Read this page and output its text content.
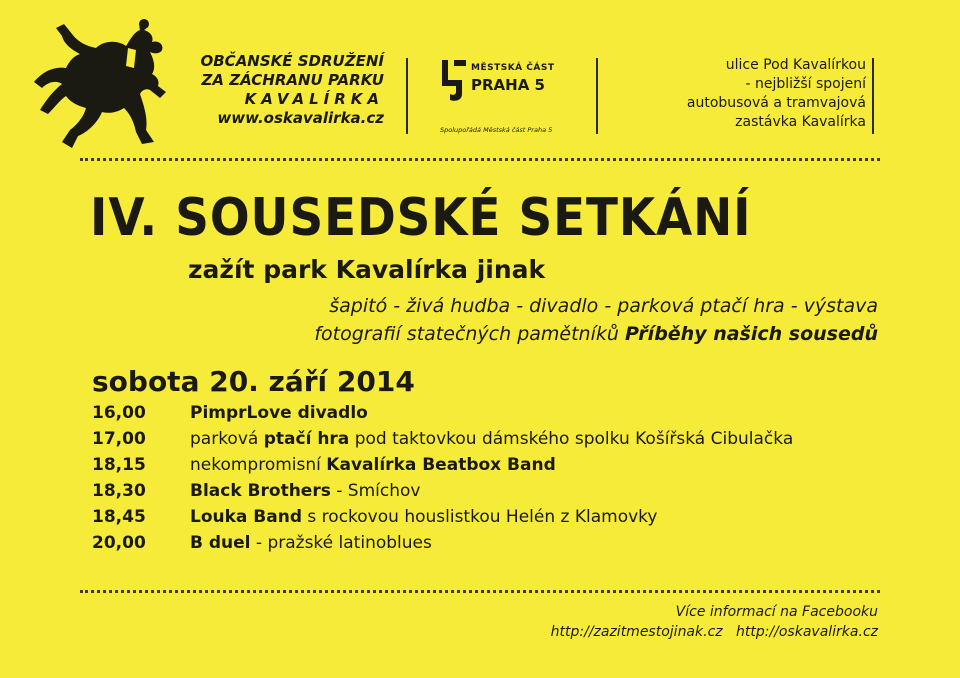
OBČANSKÉ SDRUŽENÍ
ZA ZÁCHRANU PARKU
KAVALÍRKA
www.oskavalirka.cz
MĚSTSKÁ ČÁST
PRAHA 5
Spolupořádá Městská část Praha 5
ulice Pod Kavalírkou
- nejbližší spojení
autobusová a tramvajová
zastávka Kavalírka
IV. SOUSEDSKÉ SETKÁNÍ
zažít park Kavalírka jinak
šapitó - živá hudba - divadlo - parková ptačí hra - výstava
fotografií statečných pamětníků Příběhy našich sousedů
sobota 20. září 2014
16,00	PimprLove divadlo
17,00	parková ptačí hra pod taktovkou dámského spolku Košířská Cibulačka
18,15	nekompromisní Kavalírka Beatbox Band
18,30	Black Brothers - Smíchov
18,45	Louka Band s rockovou houslistkou Helén z Klamovky
20,00	B duel - pražské latinoblues
Více informací na Facebooku
http://zazitmestojinak.cz   http://oskavalirka.cz
